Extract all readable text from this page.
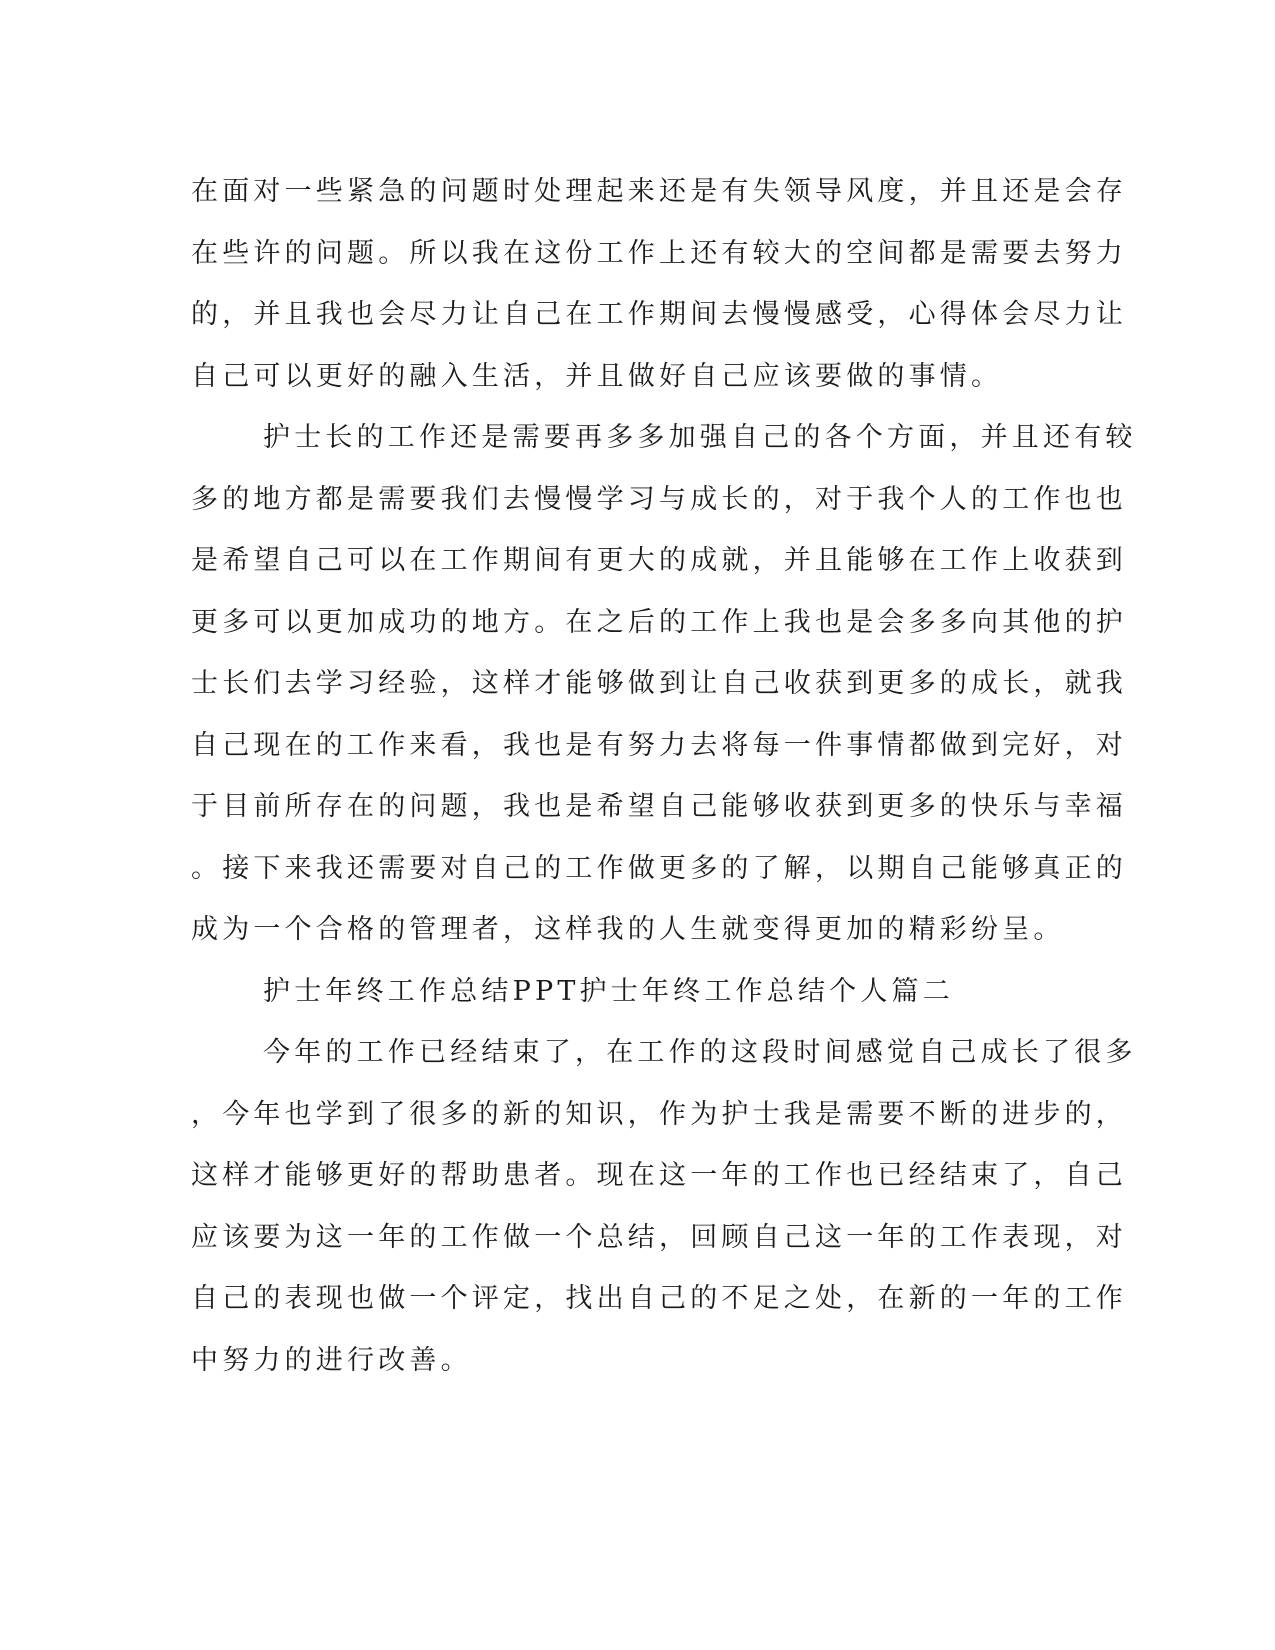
在面对一些紧急的问题时处理起来还是有失领导风度，并且还是会存
在些许的问题。所以我在这份工作上还有较大的空间都是需要去努力
的，并且我也会尽力让自己在工作期间去慢慢感受，心得体会尽力让
自己可以更好的融入生活，并且做好自己应该要做的事情。
护士长的工作还是需要再多多加强自己的各个方面，并且还有较
多的地方都是需要我们去慢慢学习与成长的，对于我个人的工作也也
是希望自己可以在工作期间有更大的成就，并且能够在工作上收获到
更多可以更加成功的地方。在之后的工作上我也是会多多向其他的护
士长们去学习经验，这样才能够做到让自己收获到更多的成长，就我
自己现在的工作来看，我也是有努力去将每一件事情都做到完好，对
于目前所存在的问题，我也是希望自己能够收获到更多的快乐与幸福
。接下来我还需要对自己的工作做更多的了解，以期自己能够真正的
成为一个合格的管理者，这样我的人生就变得更加的精彩纷呈。
护士年终工作总结PPT护士年终工作总结个人篇二
今年的工作已经结束了，在工作的这段时间感觉自己成长了很多
，今年也学到了很多的新的知识，作为护士我是需要不断的进步的，
这样才能够更好的帮助患者。现在这一年的工作也已经结束了，自己
应该要为这一年的工作做一个总结，回顾自己这一年的工作表现，对
自己的表现也做一个评定，找出自己的不足之处，在新的一年的工作
中努力的进行改善。
